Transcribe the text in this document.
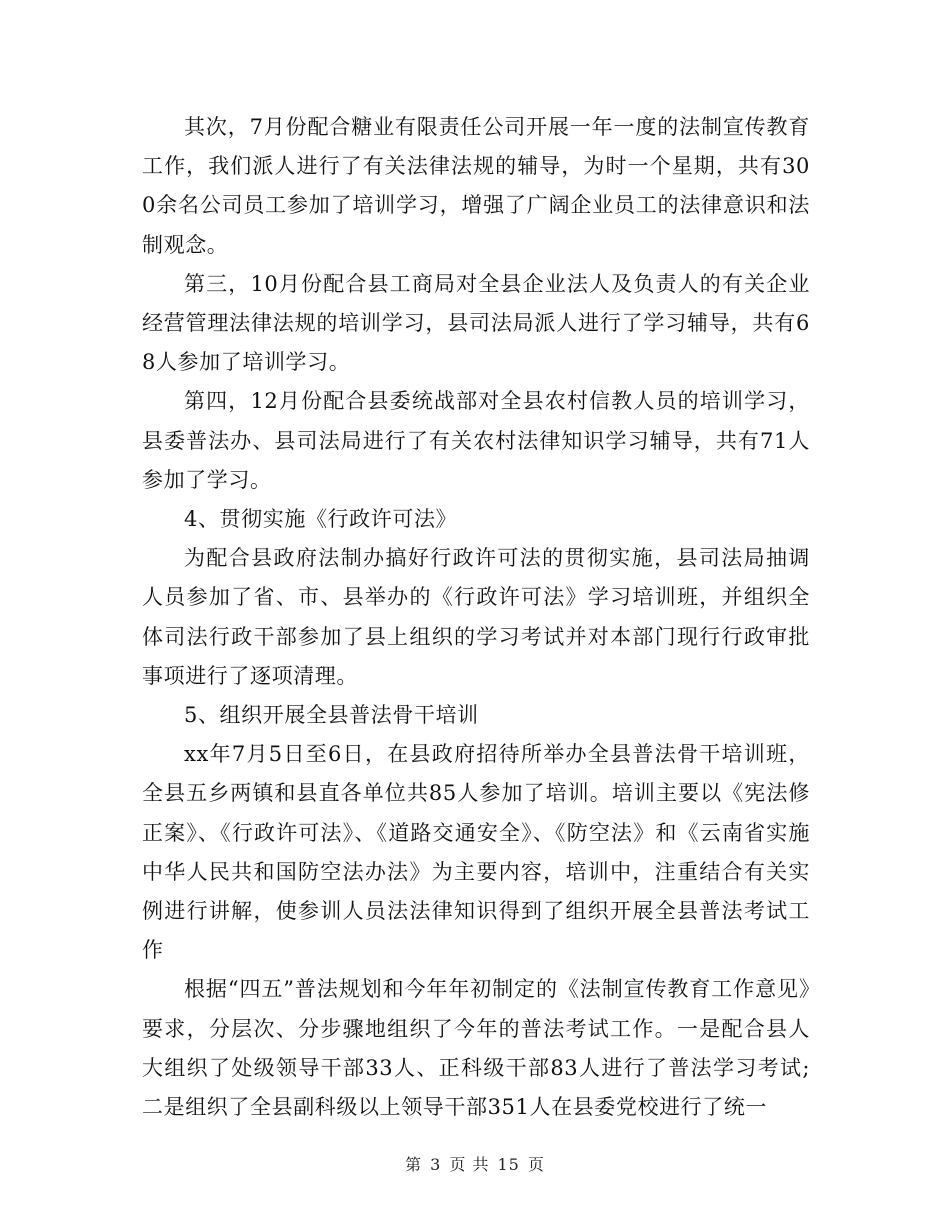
其次，7月份配合糖业有限责任公司开展一年一度的法制宣传教育工作，我们派人进行了有关法律法规的辅导，为时一个星期，共有300余名公司员工参加了培训学习，增强了广阔企业员工的法律意识和法制观念。

第三，10月份配合县工商局对全县企业法人及负责人的有关企业经营管理法律法规的培训学习，县司法局派人进行了学习辅导，共有68人参加了培训学习。

第四，12月份配合县委统战部对全县农村信教人员的培训学习，县委普法办、县司法局进行了有关农村法律知识学习辅导，共有71人参加了学习。

4、贯彻实施《行政许可法》

为配合县政府法制办搞好行政许可法的贯彻实施，县司法局抽调人员参加了省、市、县举办的《行政许可法》学习培训班，并组织全体司法行政干部参加了县上组织的学习考试并对本部门现行行政审批事项进行了逐项清理。

5、组织开展全县普法骨干培训

xx年7月5日至6日，在县政府招待所举办全县普法骨干培训班，全县五乡两镇和县直各单位共85人参加了培训。培训主要以《宪法修正案》、《行政许可法》、《道路交通安全》、《防空法》和《云南省实施中华人民共和国防空法办法》为主要内容，培训中，注重结合有关实例进行讲解，使参训人员法法律知识得到了组织开展全县普法考试工作

根据“四五”普法规划和今年年初制定的《法制宣传教育工作意见》要求，分层次、分步骤地组织了今年的普法考试工作。一是配合县人大组织了处级领导干部33人、正科级干部83人进行了普法学习考试;二是组织了全县副科级以上领导干部351人在县委党校进行了统一

第 3 页 共 15 页
